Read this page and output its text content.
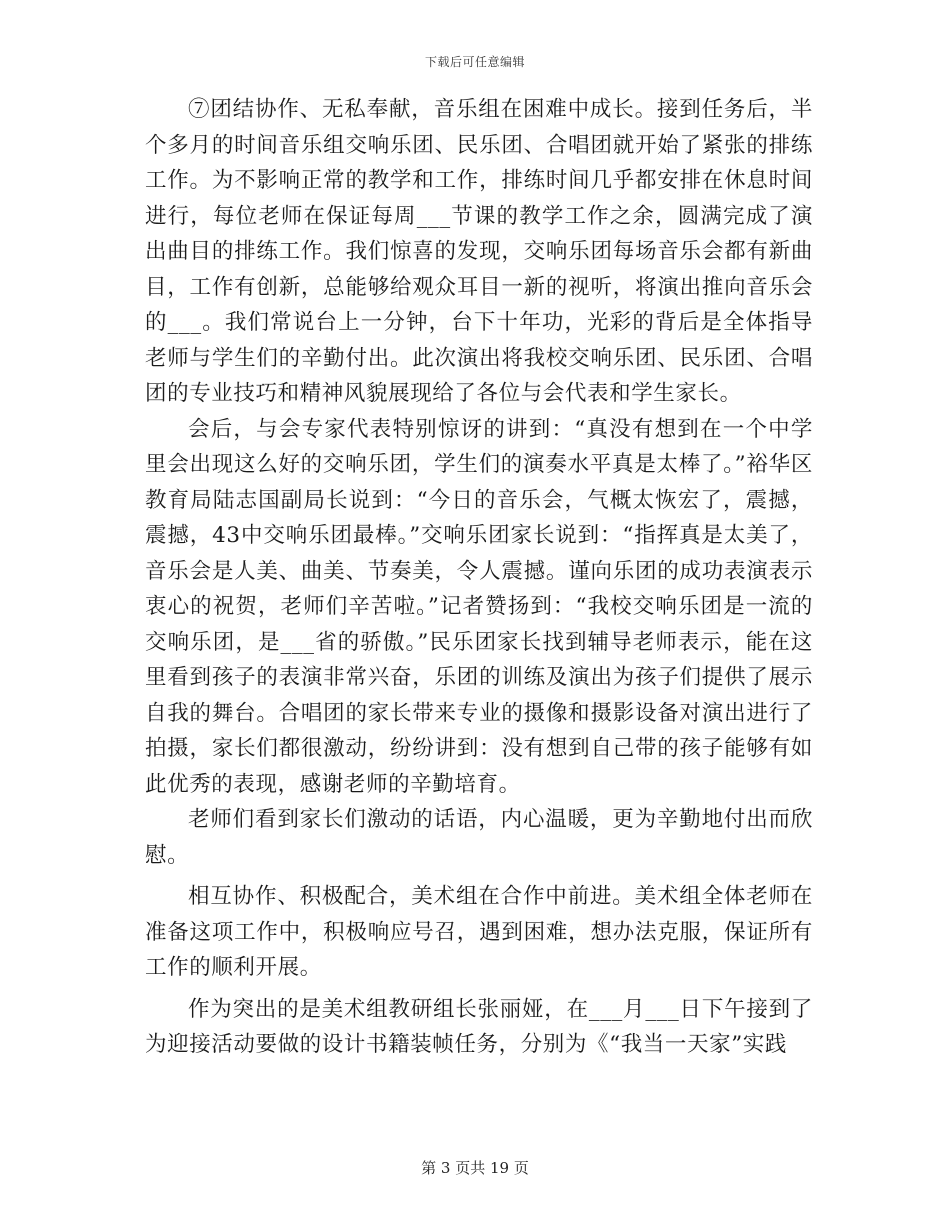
下载后可任意编辑

⑦团结协作、无私奉献，音乐组在困难中成长。接到任务后，半个多月的时间音乐组交响乐团、民乐团、合唱团就开始了紧张的排练工作。为不影响正常的教学和工作，排练时间几乎都安排在休息时间进行，每位老师在保证每周___节课的教学工作之余，圆满完成了演出曲目的排练工作。我们惊喜的发现，交响乐团每场音乐会都有新曲目，工作有创新，总能够给观众耳目一新的视听，将演出推向音乐会的___。我们常说台上一分钟，台下十年功，光彩的背后是全体指导老师与学生们的辛勤付出。此次演出将我校交响乐团、民乐团、合唱团的专业技巧和精神风貌展现给了各位与会代表和学生家长。

会后，与会专家代表特别惊讶的讲到：“真没有想到在一个中学里会出现这么好的交响乐团，学生们的演奏水平真是太棒了。”裕华区教育局陆志国副局长说到：“今日的音乐会，气概太恢宏了，震撼，震撼，43中交响乐团最棒。”交响乐团家长说到：“指挥真是太美了，音乐会是人美、曲美、节奏美，令人震撼。谨向乐团的成功表演表示衷心的祝贺，老师们辛苦啦。”记者赞扬到：“我校交响乐团是一流的交响乐团，是___省的骄傲。”民乐团家长找到辅导老师表示，能在这里看到孩子的表演非常兴奋，乐团的训练及演出为孩子们提供了展示自我的舞台。合唱团的家长带来专业的摄像和摄影设备对演出进行了拍摄，家长们都很激动，纷纷讲到：没有想到自己带的孩子能够有如此优秀的表现，感谢老师的辛勤培育。

老师们看到家长们激动的话语，内心温暖，更为辛勤地付出而欣慰。

相互协作、积极配合，美术组在合作中前进。美术组全体老师在准备这项工作中，积极响应号召，遇到困难，想办法克服，保证所有工作的顺利开展。

作为突出的是美术组教研组长张丽娅，在___月___日下午接到了为迎接活动要做的设计书籍装帧任务，分别为《“我当一天家”实践

第 3 页共 19 页
